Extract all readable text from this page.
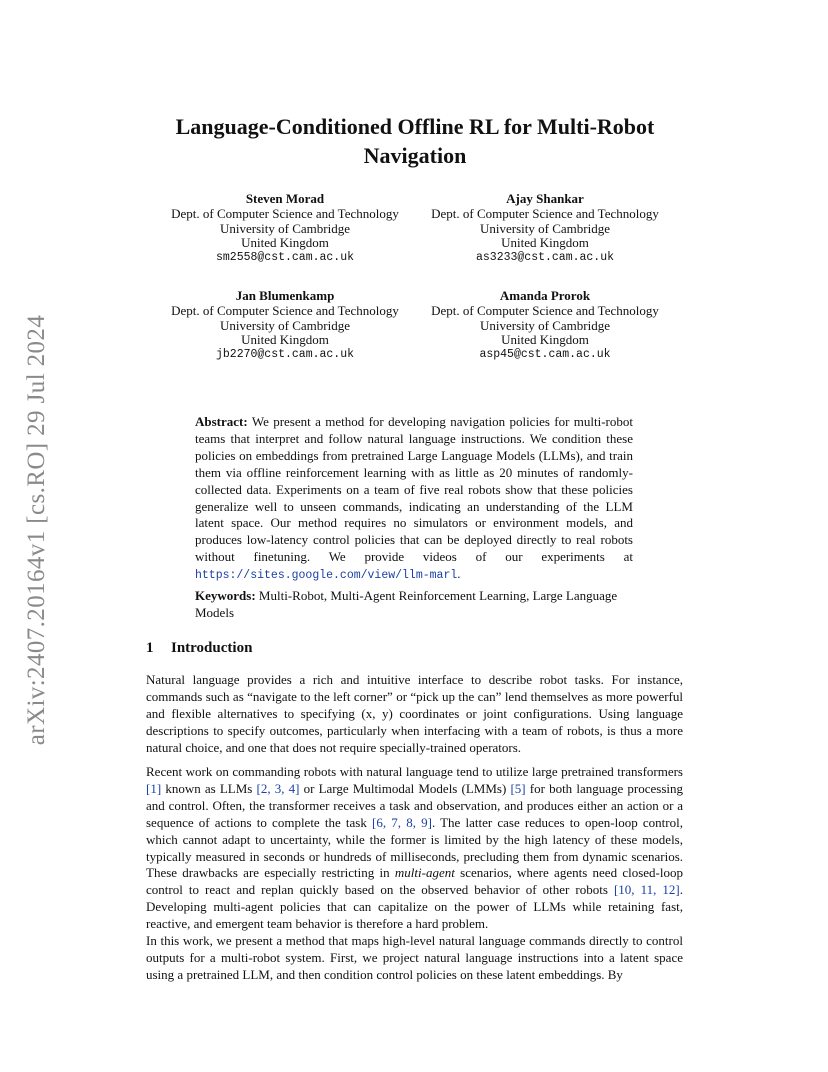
arXiv:2407.20164v1 [cs.RO] 29 Jul 2024
Language-Conditioned Offline RL for Multi-Robot Navigation
Steven Morad
Dept. of Computer Science and Technology
University of Cambridge
United Kingdom
sm2558@cst.cam.ac.uk
Ajay Shankar
Dept. of Computer Science and Technology
University of Cambridge
United Kingdom
as3233@cst.cam.ac.uk
Jan Blumenkamp
Dept. of Computer Science and Technology
University of Cambridge
United Kingdom
jb2270@cst.cam.ac.uk
Amanda Prorok
Dept. of Computer Science and Technology
University of Cambridge
United Kingdom
asp45@cst.cam.ac.uk
Abstract: We present a method for developing navigation policies for multi-robot teams that interpret and follow natural language instructions. We condition these policies on embeddings from pretrained Large Language Models (LLMs), and train them via offline reinforcement learning with as little as 20 minutes of randomly-collected data. Experiments on a team of five real robots show that these policies generalize well to unseen commands, indicating an understanding of the LLM latent space. Our method requires no simulators or environment models, and produces low-latency control policies that can be deployed directly to real robots without finetuning. We provide videos of our experiments at https://sites.google.com/view/llm-marl.
Keywords: Multi-Robot, Multi-Agent Reinforcement Learning, Large Language Models
1 Introduction

Natural language provides a rich and intuitive interface to describe robot tasks. For instance, commands such as “navigate to the left corner” or “pick up the can” lend themselves as more powerful and flexible alternatives to specifying (x, y) coordinates or joint configurations. Using language descriptions to specify outcomes, particularly when interfacing with a team of robots, is thus a more natural choice, and one that does not require specially-trained operators.

Recent work on commanding robots with natural language tend to utilize large pretrained transformers [1] known as LLMs [2, 3, 4] or Large Multimodal Models (LMMs) [5] for both language processing and control. Often, the transformer receives a task and observation, and produces either an action or a sequence of actions to complete the task [6, 7, 8, 9]. The latter case reduces to open-loop control, which cannot adapt to uncertainty, while the former is limited by the high latency of these models, typically measured in seconds or hundreds of milliseconds, precluding them from dynamic scenarios. These drawbacks are especially restricting in multi-agent scenarios, where agents need closed-loop control to react and replan quickly based on the observed behavior of other robots [10, 11, 12]. Developing multi-agent policies that can capitalize on the power of LLMs while retaining fast, reactive, and emergent team behavior is therefore a hard problem.

In this work, we present a method that maps high-level natural language commands directly to control outputs for a multi-robot system. First, we project natural language instructions into a latent space using a pretrained LLM, and then condition control policies on these latent embeddings. By
